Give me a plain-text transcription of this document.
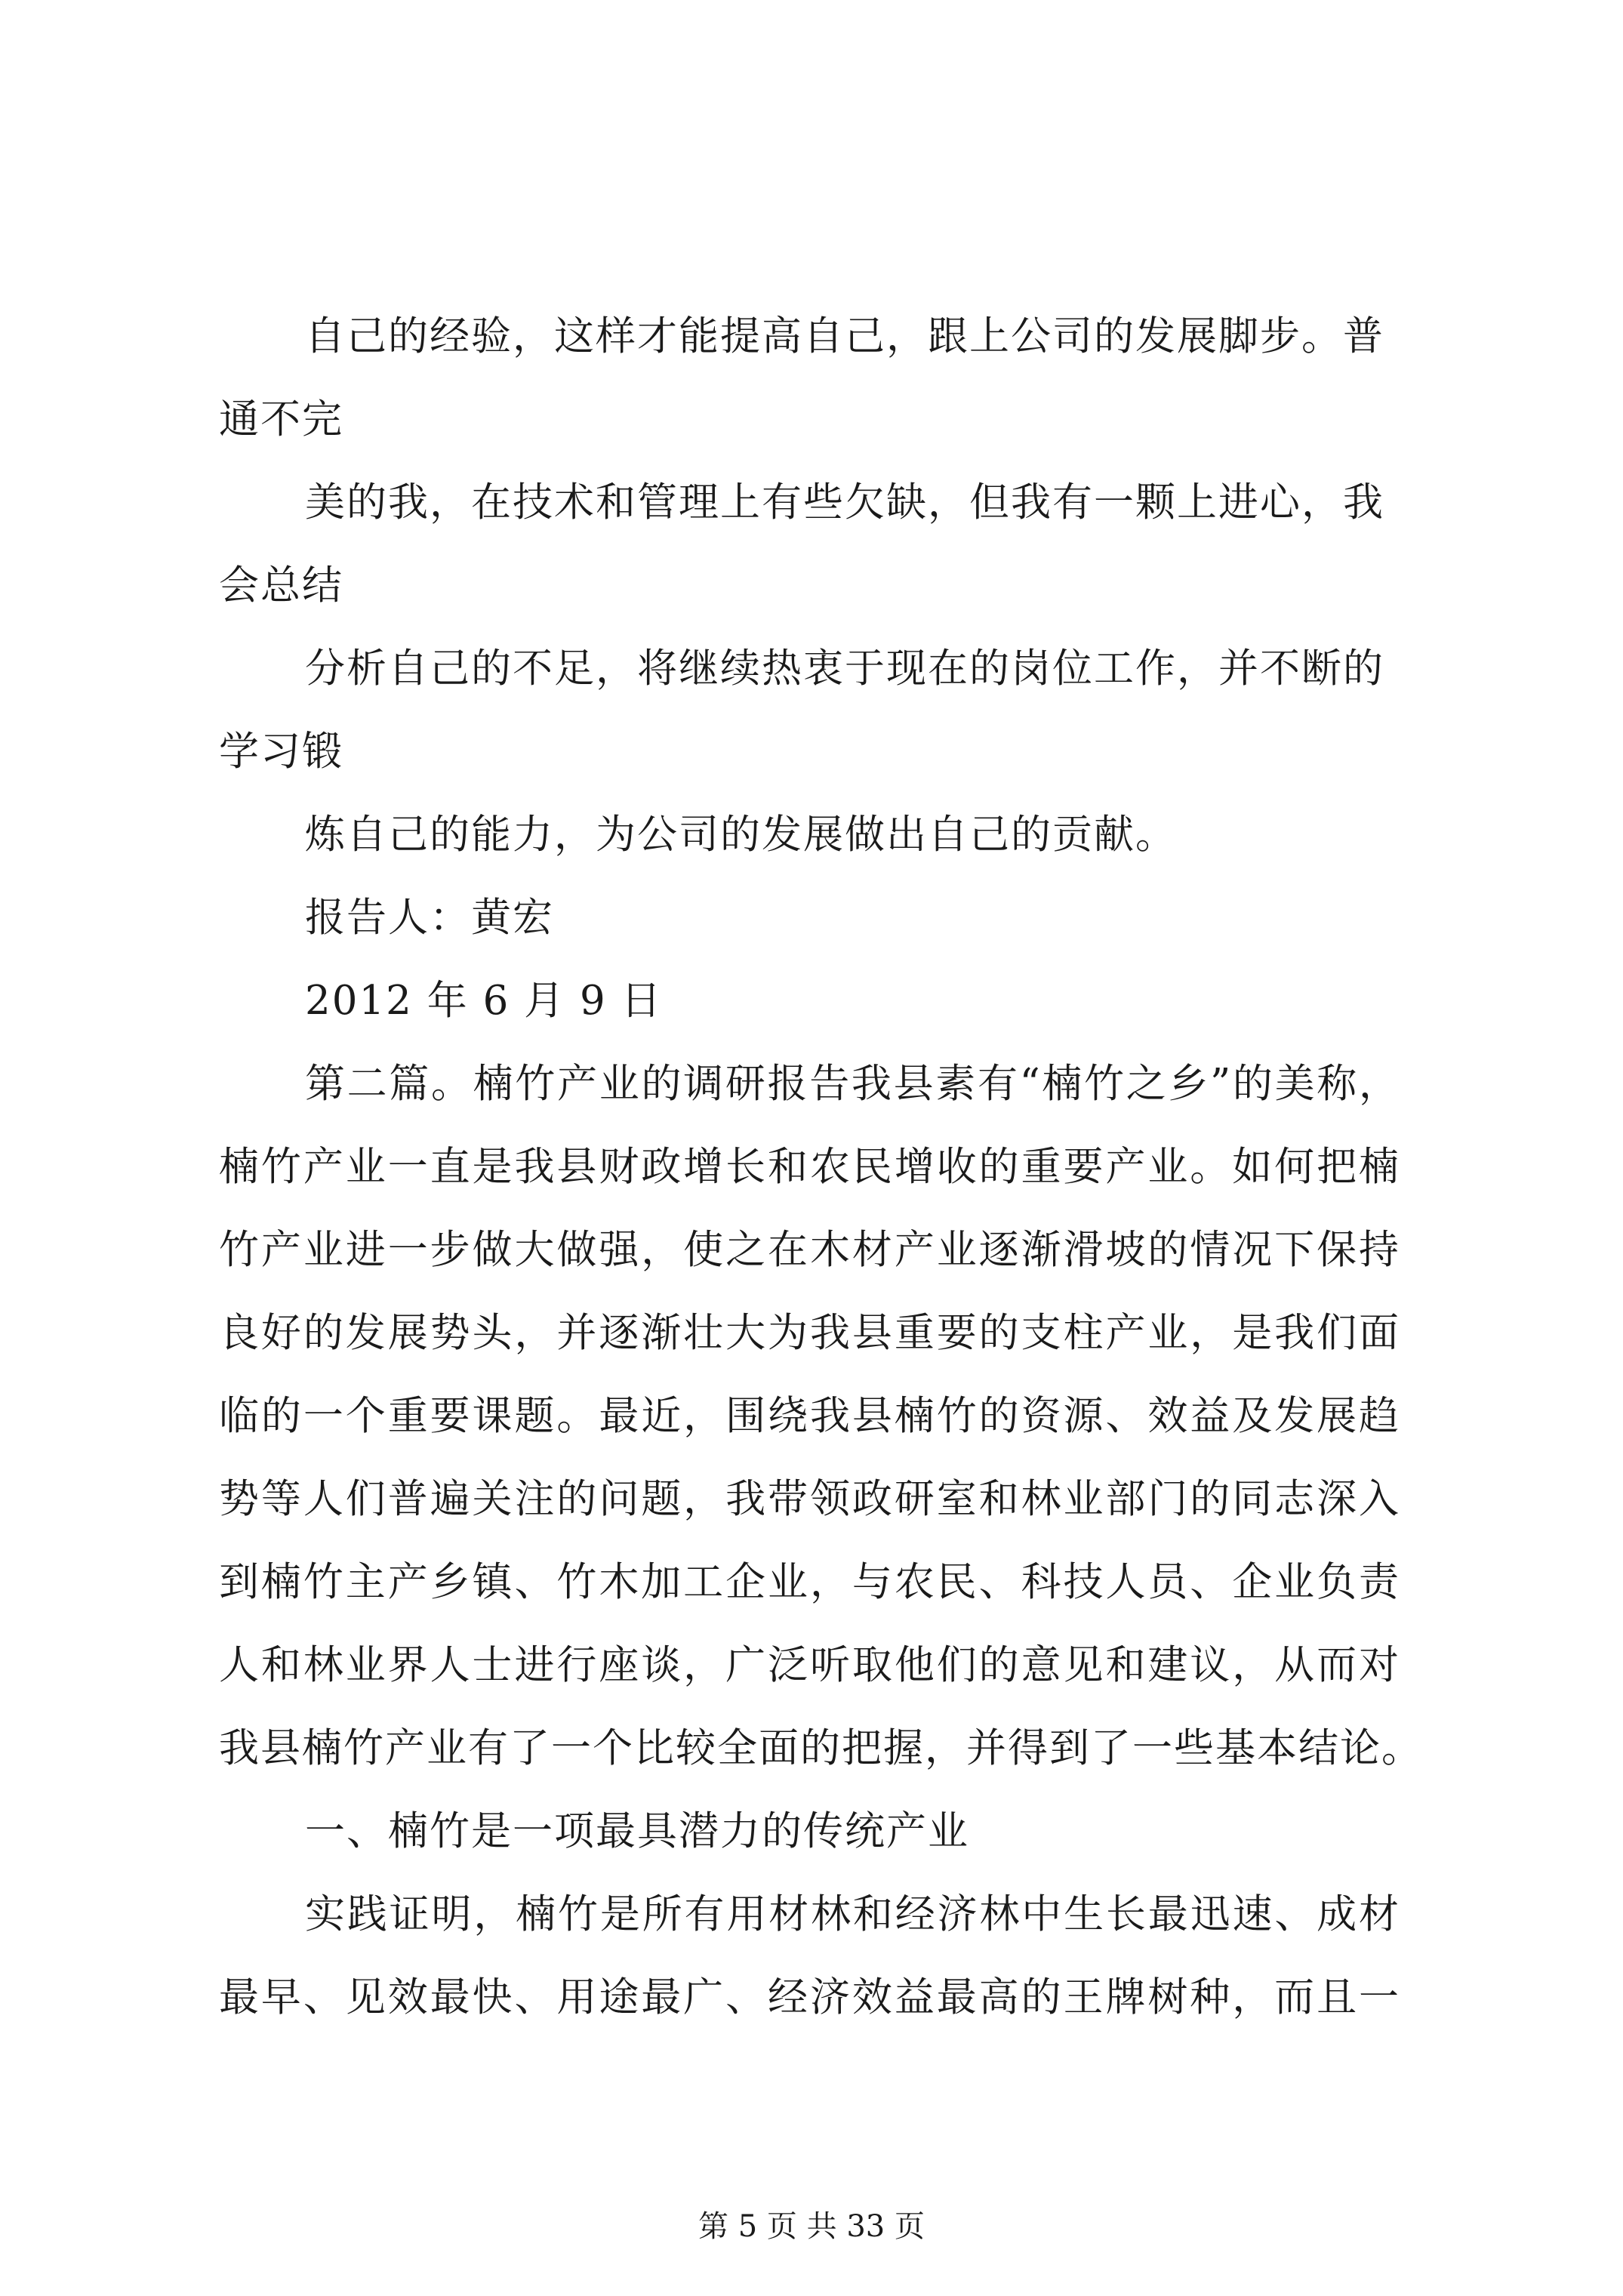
自己的经验，这样才能提高自己，跟上公司的发展脚步。普
通不完
美的我，在技术和管理上有些欠缺，但我有一颗上进心，我
会总结
分析自己的不足，将继续热衷于现在的岗位工作，并不断的
学习锻
炼自己的能力，为公司的发展做出自己的贡献。
报告人：黄宏
2012 年 6 月 9 日
第二篇。楠竹产业的调研报告我县素有“楠竹之乡”的美称，
楠竹产业一直是我县财政增长和农民增收的重要产业。如何把楠
竹产业进一步做大做强，使之在木材产业逐渐滑坡的情况下保持
良好的发展势头，并逐渐壮大为我县重要的支柱产业，是我们面
临的一个重要课题。最近，围绕我县楠竹的资源、效益及发展趋
势等人们普遍关注的问题，我带领政研室和林业部门的同志深入
到楠竹主产乡镇、竹木加工企业，与农民、科技人员、企业负责
人和林业界人士进行座谈，广泛听取他们的意见和建议，从而对
我县楠竹产业有了一个比较全面的把握，并得到了一些基本结论。
一、楠竹是一项最具潜力的传统产业
实践证明，楠竹是所有用材林和经济林中生长最迅速、成材
最早、见效最快、用途最广、经济效益最高的王牌树种，而且一
第 5 页 共 33 页
